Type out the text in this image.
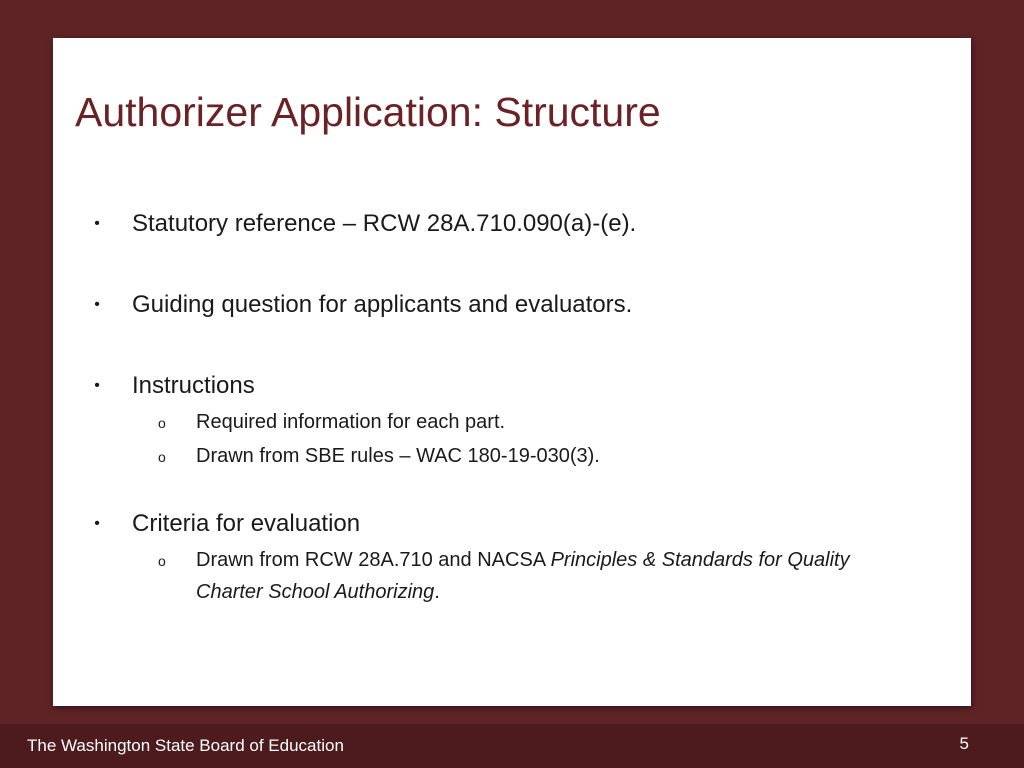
Authorizer Application: Structure
• Statutory reference – RCW 28A.710.090(a)-(e).
• Guiding question for applicants and evaluators.
• Instructions
o Required information for each part.
o Drawn from SBE rules – WAC 180-19-030(3).
• Criteria for evaluation
o Drawn from RCW 28A.710 and NACSA Principles & Standards for Quality Charter School Authorizing.
The Washington State Board of Education	5
